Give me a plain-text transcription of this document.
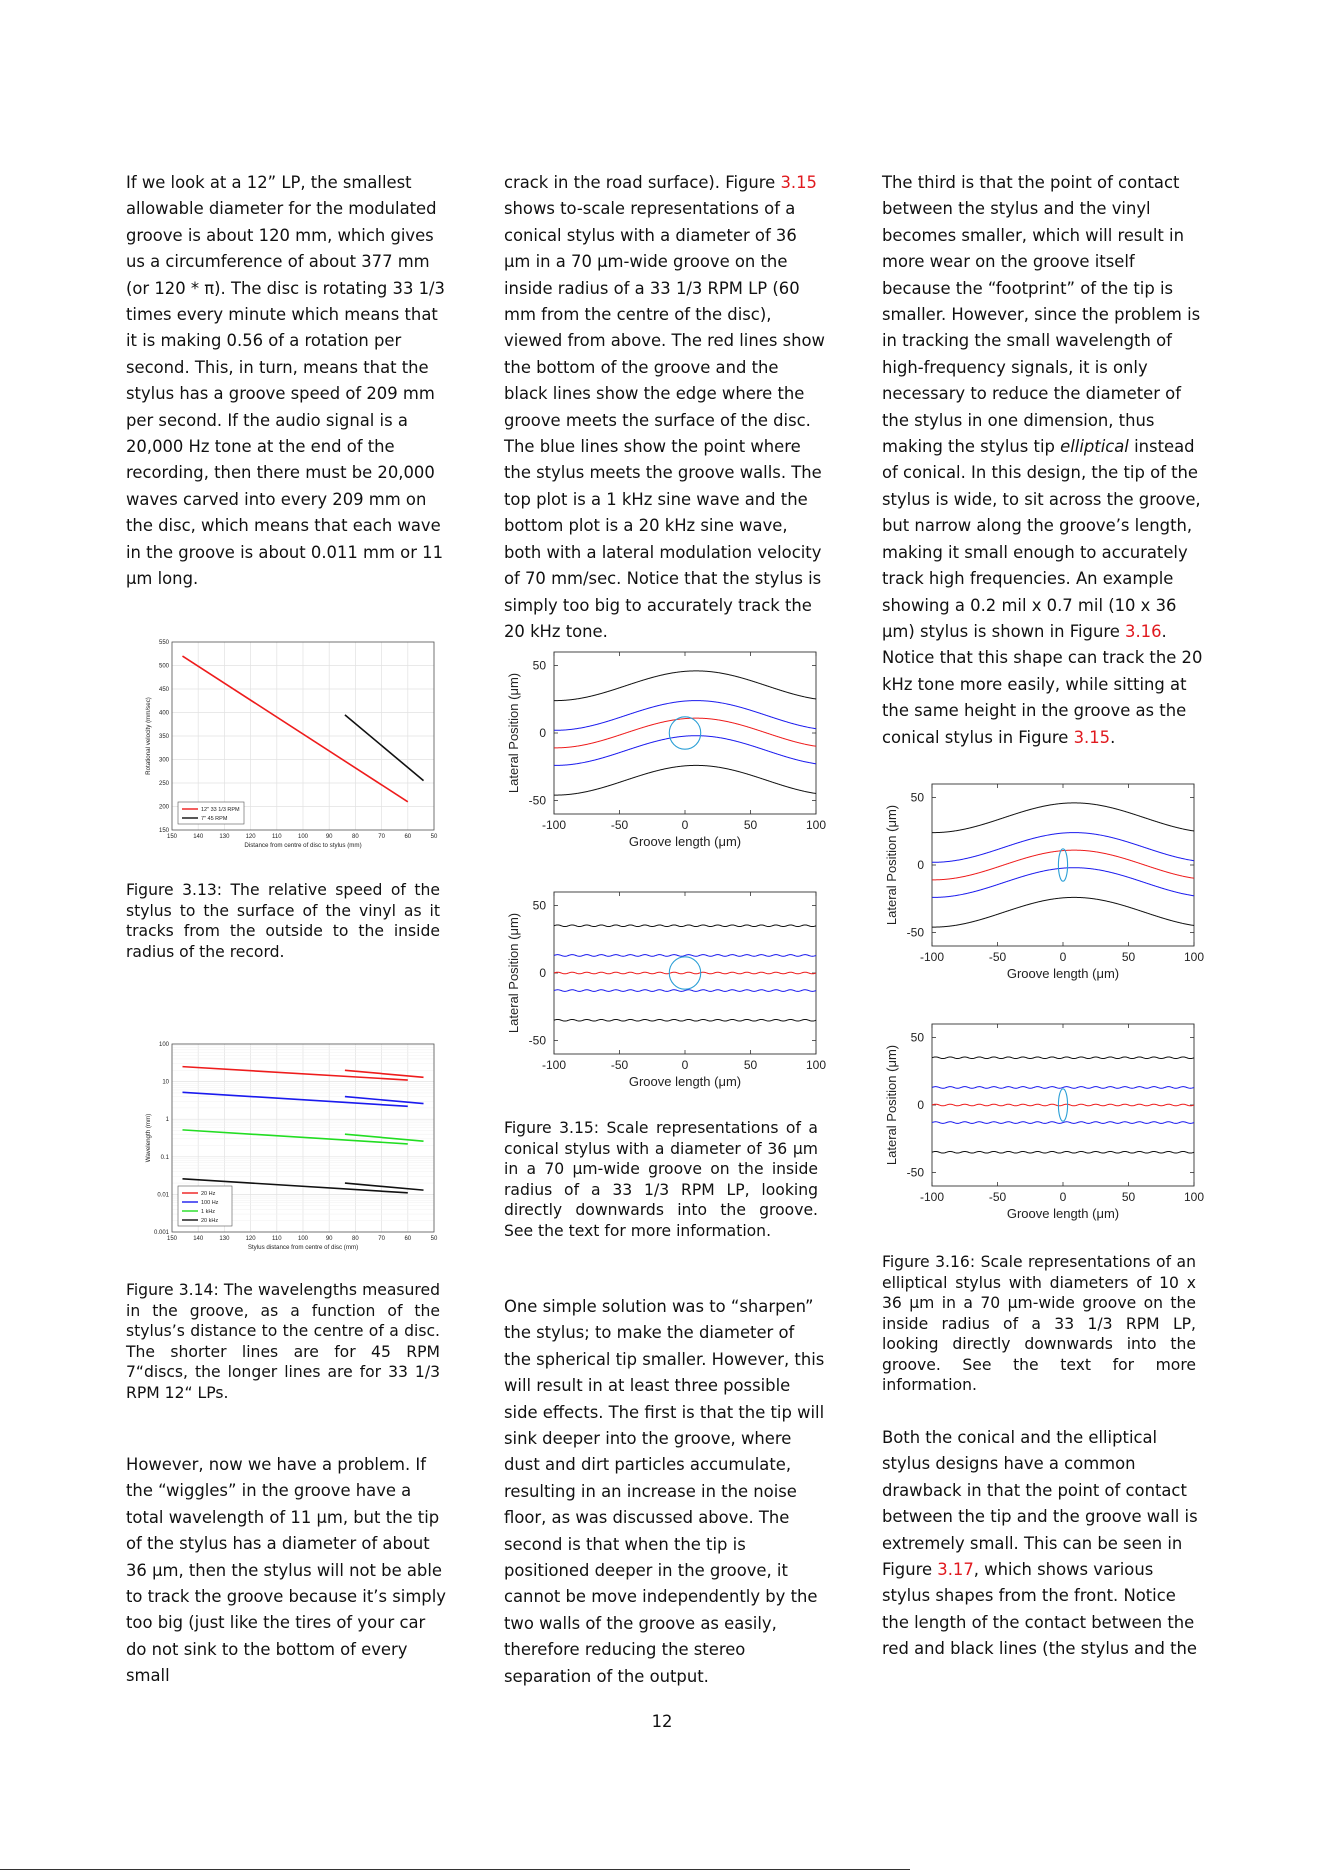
If we look at a 12” LP, the smallest allowable diameter for the modulated groove is about 120 mm, which gives us a circumference of about 377 mm (or 120 * π). The disc is rotating 33 1/3 times every minute which means that it is making 0.56 of a rotation per second. This, in turn, means that the stylus has a groove speed of 209 mm per second. If the audio signal is a 20,000 Hz tone at the end of the recording, then there must be 20,000 waves carved into every 209 mm on the disc, which means that each wave in the groove is about 0.011 mm or 11 μm long.

150	140	130	120	110	100	90	80	70	60	50
150
200
250
300
350
400
450
500
550
Distance from centre of disc to stylus (mm)
Rotational velocity (mm/sec)
12" 33 1/3 RPM
7" 45 RPM
Figure 3.13: The relative speed of the stylus to the surface of the vinyl as it tracks from the outside to the inside radius of the record.
150	140	130	120	110	100	90	80	70	60	50
0.001
0.01
0.1
1
10
100
Stylus distance from centre of disc (mm)
Wavelength (mm)
20 Hz
100 Hz
1 kHz
20 kHz
Figure 3.14: The wavelengths measured in the groove, as a function of the stylus’s distance to the centre of a disc. The shorter lines are for 45 RPM 7“discs, the longer lines are for 33 1/3 RPM 12“ LPs.

However, now we have a problem. If the “wiggles” in the groove have a total wavelength of 11 μm, but the tip of the stylus has a diameter of about 36 μm, then the stylus will not be able to track the groove because it’s simply too big (just like the tires of your car do not sink to the bottom of every small

crack in the road surface). Figure 3.15 shows to-scale representations of a conical stylus with a diameter of 36 μm in a 70 μm-wide groove on the inside radius of a 33 1/3 RPM LP (60 mm from the centre of the disc), viewed from above. The red lines show the bottom of the groove and the black lines show the edge where the groove meets the surface of the disc. The blue lines show the point where the stylus meets the groove walls. The top plot is a 1 kHz sine wave and the bottom plot is a 20 kHz sine wave, both with a lateral modulation velocity of 70 mm/sec. Notice that the stylus is simply too big to accurately track the 20 kHz tone.

-100	-50	0	50	100
50
0
-50
Groove length (μm)
Lateral Position (μm)
-100	-50	0	50	100
50
0
-50
Groove length (μm)
Lateral Position (μm)
Figure 3.15: Scale representations of a conical stylus with a diameter of 36 μm in a 70 μm-wide groove on the inside radius of a 33 1/3 RPM LP, looking directly downwards into the groove. See the text for more information.

One simple solution was to “sharpen” the stylus; to make the diameter of the spherical tip smaller. However, this will result in at least three possible side effects. The first is that the tip will sink deeper into the groove, where dust and dirt particles accumulate, resulting in an increase in the noise floor, as was discussed above. The second is that when the tip is positioned deeper in the groove, it cannot be move independently by the two walls of the groove as easily, therefore reducing the stereo separation of the output.

The third is that the point of contact between the stylus and the vinyl becomes smaller, which will result in more wear on the groove itself because the “footprint” of the tip is smaller. However, since the problem is in tracking the small wavelength of high-frequency signals, it is only necessary to reduce the diameter of the stylus in one dimension, thus making the stylus tip elliptical instead of conical. In this design, the tip of the stylus is wide, to sit across the groove, but narrow along the groove’s length, making it small enough to accurately track high frequencies. An example showing a 0.2 mil x 0.7 mil (10 x 36 μm) stylus is shown in Figure 3.16. Notice that this shape can track the 20 kHz tone more easily, while sitting at the same height in the groove as the conical stylus in Figure 3.15.

-100	-50	0	50	100
50
0
-50
Groove length (μm)
Lateral Position (μm)
-100	-50	0	50	100
50
0
-50
Groove length (μm)
Lateral Position (μm)
Figure 3.16: Scale representations of an elliptical stylus with diameters of 10 x 36 μm in a 70 μm-wide groove on the inside radius of a 33 1/3 RPM LP, looking directly downwards into the groove. See the text for more information.

Both the conical and the elliptical stylus designs have a common drawback in that the point of contact between the tip and the groove wall is extremely small. This can be seen in Figure 3.17, which shows various stylus shapes from the front. Notice the length of the contact between the red and black lines (the stylus and the

12
